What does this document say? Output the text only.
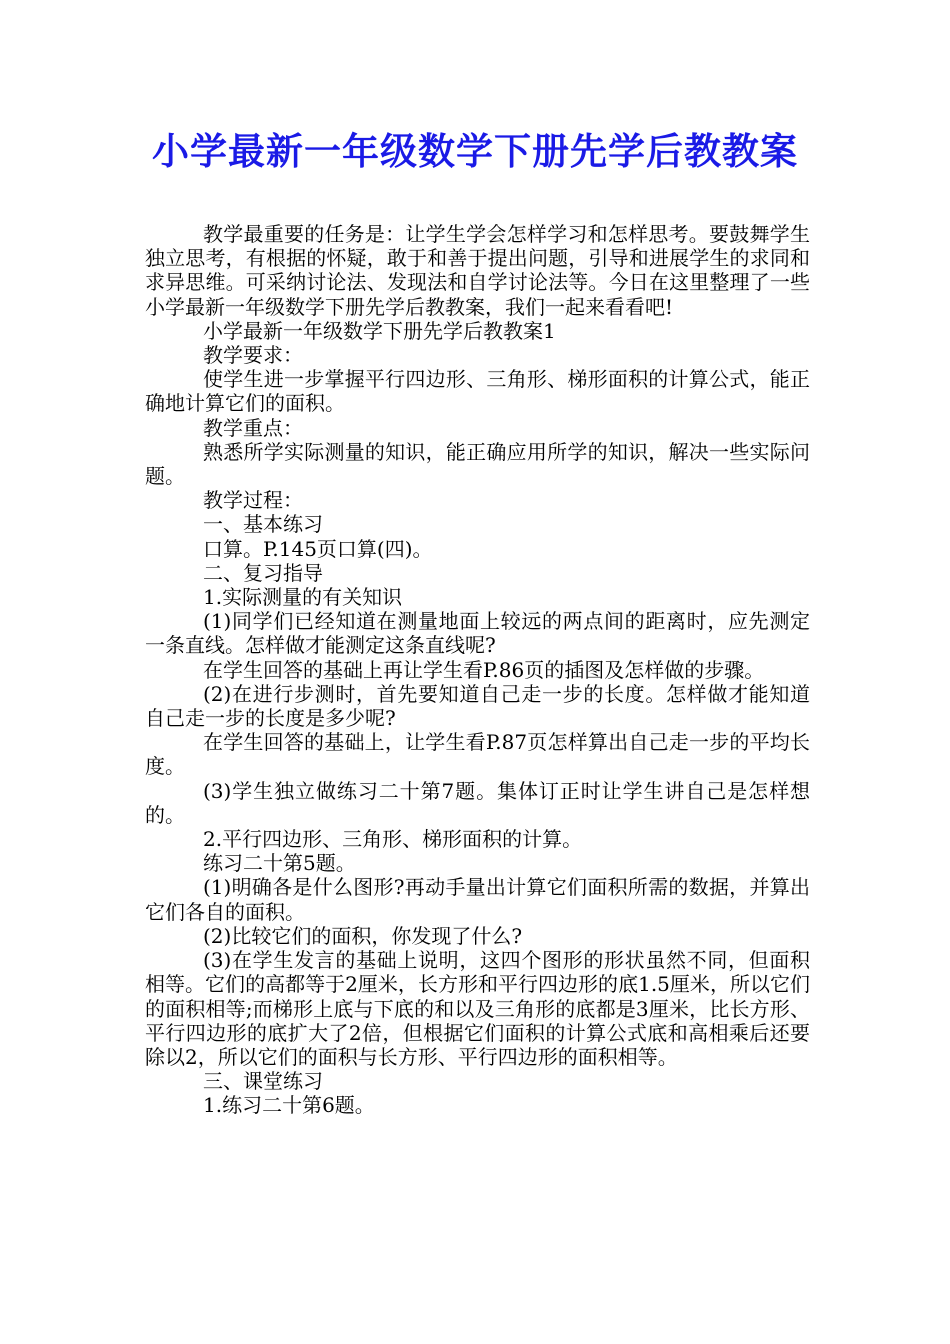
小学最新一年级数学下册先学后教教案

教学最重要的任务是：让学生学会怎样学习和怎样思考。要鼓舞学生独立思考，有根据的怀疑，敢于和善于提出问题，引导和进展学生的求同和求异思维。可采纳讨论法、发现法和自学讨论法等。今日在这里整理了一些小学最新一年级数学下册先学后教教案，我们一起来看看吧!

小学最新一年级数学下册先学后教教案1

教学要求：

使学生进一步掌握平行四边形、三角形、梯形面积的计算公式，能正确地计算它们的面积。

教学重点：

熟悉所学实际测量的知识，能正确应用所学的知识，解决一些实际问题。

教学过程：

一、基本练习

口算。P.145页口算(四)。

二、复习指导

1.实际测量的有关知识

(1)同学们已经知道在测量地面上较远的两点间的距离时，应先测定一条直线。怎样做才能测定这条直线呢?

在学生回答的基础上再让学生看P.86页的插图及怎样做的步骤。

(2)在进行步测时，首先要知道自己走一步的长度。怎样做才能知道自己走一步的长度是多少呢?

在学生回答的基础上，让学生看P.87页怎样算出自己走一步的平均长度。

(3)学生独立做练习二十第7题。集体订正时让学生讲自己是怎样想的。

2.平行四边形、三角形、梯形面积的计算。

练习二十第5题。

(1)明确各是什么图形?再动手量出计算它们面积所需的数据，并算出它们各自的面积。

(2)比较它们的面积，你发现了什么?

(3)在学生发言的基础上说明，这四个图形的形状虽然不同，但面积相等。它们的高都等于2厘米，长方形和平行四边形的底1.5厘米，所以它们的面积相等;而梯形上底与下底的和以及三角形的底都是3厘米，比长方形、平行四边形的底扩大了2倍，但根据它们面积的计算公式底和高相乘后还要除以2，所以它们的面积与长方形、平行四边形的面积相等。

三、课堂练习

1.练习二十第6题。
